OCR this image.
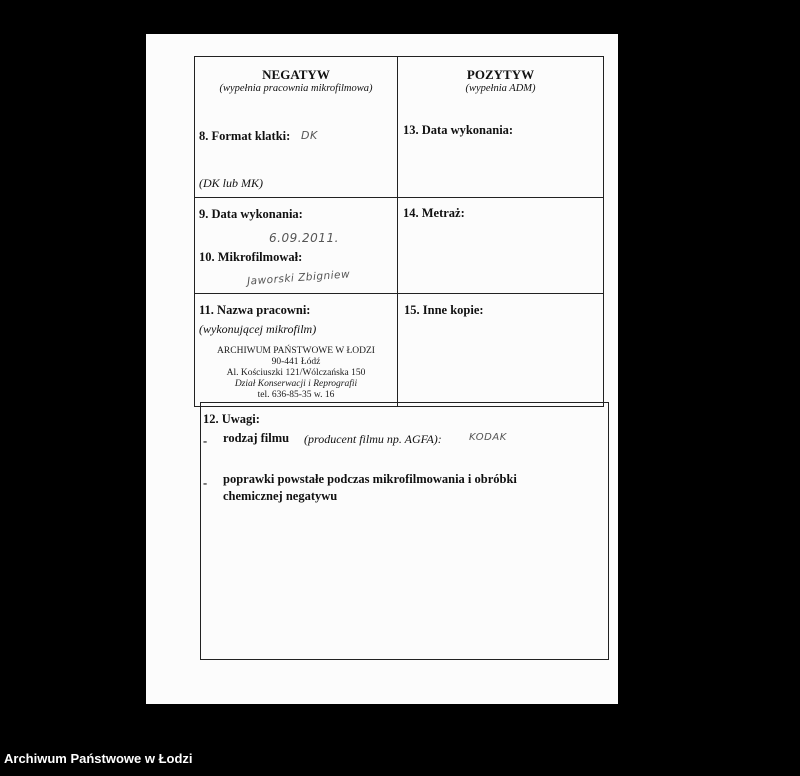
NEGATYW
(wypełnia pracownia mikrofilmowa)
8. Format klatki: DK
(DK lub MK)
POZYTYW
(wypełnia ADM)
13. Data wykonania:
9. Data wykonania:
6.09.2011.
10. Mikrofilmował:
Jaworski Zbigniew
14. Metraż:
11. Nazwa pracowni:
(wykonującej mikrofilm)
ARCHIWUM PAŃSTWOWE W ŁODZI
90-441 Łódź
Al. Kościuszki 121/Wólczańska 150
Dział Konserwacji i Reprografii
tel. 636-85-35 w. 16
15. Inne kopie:
12. Uwagi:
- rodzaj filmu (producent filmu np. AGFA):	KODAK
- poprawki powstałe podczas mikrofilmowania i obróbki
chemicznej negatywu
Archiwum Państwowe w Łodzi
